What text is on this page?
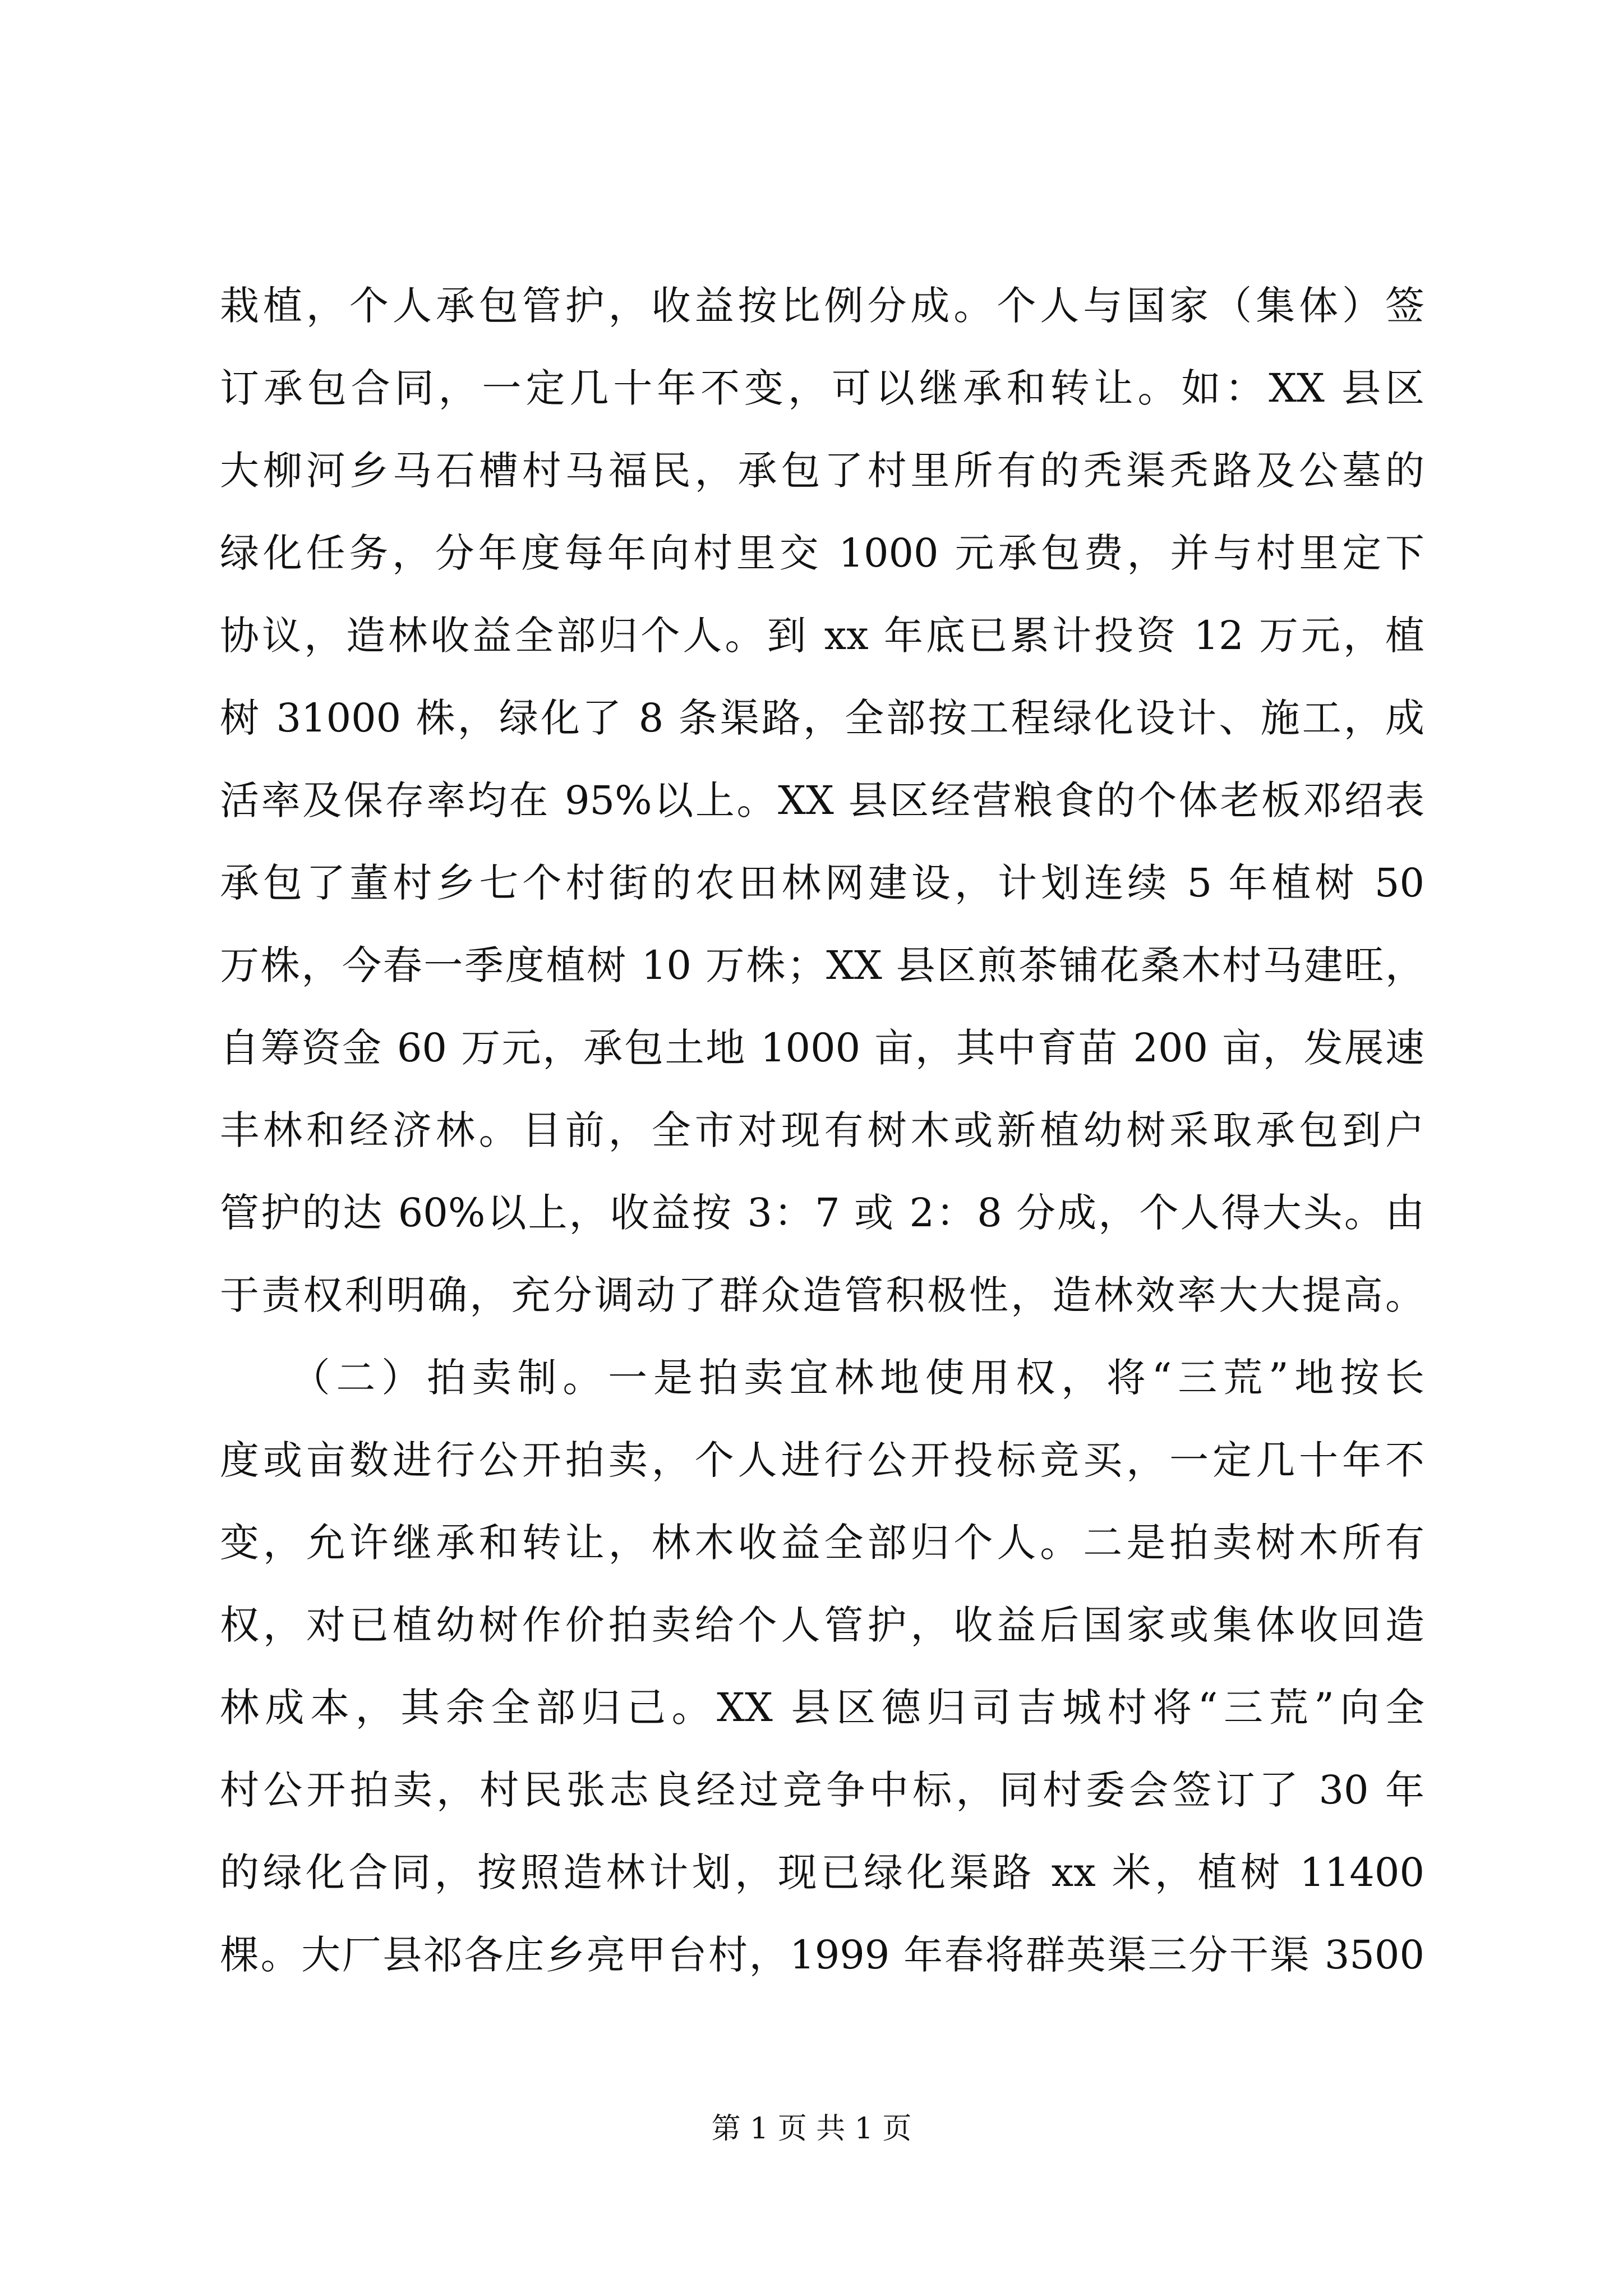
栽植，个人承包管护，收益按比例分成。个人与国家（集体）签
订承包合同，一定几十年不变，可以继承和转让。如：XX 县区
大柳河乡马石槽村马福民，承包了村里所有的秃渠秃路及公墓的
绿化任务，分年度每年向村里交 1000 元承包费，并与村里定下
协议，造林收益全部归个人。到 xx 年底已累计投资 12 万元，植
树 31000 株，绿化了 8 条渠路，全部按工程绿化设计、施工，成
活率及保存率均在 95%以上。XX 县区经营粮食的个体老板邓绍表
承包了董村乡七个村街的农田林网建设，计划连续 5 年植树 50
万株，今春一季度植树 10 万株；XX 县区煎茶铺花桑木村马建旺，
自筹资金 60 万元，承包土地 1000 亩，其中育苗 200 亩，发展速
丰林和经济林。目前，全市对现有树木或新植幼树采取承包到户
管护的达 60%以上，收益按 3：7 或 2：8 分成，个人得大头。由
于责权利明确，充分调动了群众造管积极性，造林效率大大提高。
　　（二）拍卖制。一是拍卖宜林地使用权，将“三荒”地按长
度或亩数进行公开拍卖，个人进行公开投标竞买，一定几十年不
变，允许继承和转让，林木收益全部归个人。二是拍卖树木所有
权，对已植幼树作价拍卖给个人管护，收益后国家或集体收回造
林成本，其余全部归己。XX 县区德归司吉城村将“三荒”向全
村公开拍卖，村民张志良经过竞争中标，同村委会签订了 30 年
的绿化合同，按照造林计划，现已绿化渠路 xx 米，植树 11400
棵。大厂县祁各庄乡亮甲台村，1999 年春将群英渠三分干渠 3500
第 1 页 共 1 页
